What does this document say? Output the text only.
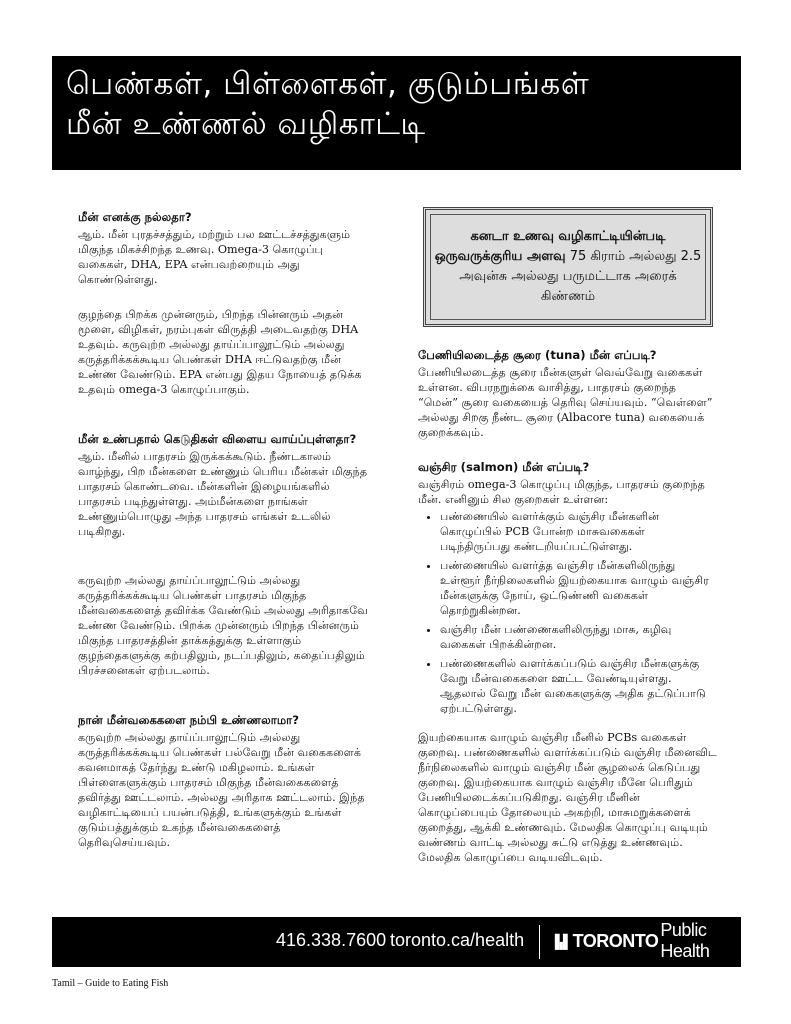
பெண்கள், பிள்ளைகள், குடும்பங்கள்
மீன் உண்ணல் வழிகாட்டி
மீன் எனக்கு நல்லதா?
ஆம். மீன் புரதச்சத்தும், மற்றும் பல ஊட்டச்சத்துகளும் மிகுந்த மிகச்சிறந்த உணவு. Omega-3 கொழுப்பு வகைகள், DHA, EPA என்பவற்றையும் அது கொண்டுள்ளது.
குழந்தை பிறக்க முன்னரும், பிறந்த பின்னரும் அதன் மூளை, விழிகள், நரம்புகள் விருத்தி அடைவதற்கு DHA உதவும். கருவுற்ற அல்லது தாய்ப்பாலூட்டும் அல்லது கருத்தரிக்கக்கூடிய பெண்கள் DHA ஈட்டுவதற்கு மீன் உண்ண வேண்டும். EPA என்பது இதய நோயைத் தடுக்க உதவும் omega-3 கொழுப்பாகும்.
மீன் உண்பதால் கெடுதிகள் விளைய வாய்ப்புள்ளதா?
ஆம். மீனில் பாதரசம் இருக்கக்கூடும். நீண்டகாலம் வாழ்ந்து, பிற மீன்களை உண்ணும் பெரிய மீன்கள் மிகுந்த பாதரசம் கொண்டவை. மீன்களின் இழையங்களில் பாதரசம் படிந்துள்ளது. அம்மீன்களை நாங்கள் உண்ணும்பொழுது அந்த பாதரசம் எங்கள் உடலில் படிகிறது.
கருவுற்ற அல்லது தாய்ப்பாலூட்டும் அல்லது கருத்தரிக்கக்கூடிய பெண்கள் பாதரசம் மிகுந்த மீன்வகைகளைத் தவிர்க்க வேண்டும் அல்லது அரிதாகவே உண்ண வேண்டும். பிறக்க முன்னரும் பிறந்த பின்னரும் மிகுந்த பாதரசத்தின் தாக்கத்துக்கு உள்ளாகும் குழந்தைகளுக்கு கற்பதிலும், நடப்பதிலும், கதைப்பதிலும் பிரச்சனைகள் ஏற்படலாம்.
நான் மீன்வகைகளை நம்பி உண்ணலாமா?
கருவுற்ற அல்லது தாய்ப்பாலூட்டும் அல்லது கருத்தரிக்கக்கூடிய பெண்கள் பல்வேறு மீன் வகைகளைக் கவனமாகத் தேர்ந்து உண்டு மகிழலாம். உங்கள் பிள்ளைகளுக்கும் பாதரசம் மிகுந்த மீன்வகைகளைத் தவிர்த்து ஊட்டலாம். அல்லது அரிதாக ஊட்டலாம். இந்த வழிகாட்டியைப் பயன்படுத்தி, உங்களுக்கும் உங்கள் குடும்பத்துக்கும் உகந்த மீன்வகைகளைத் தெரிவுசெய்யவும்.
கனடா உணவு வழிகாட்டியின்படி ஒருவருக்குரிய அளவு 75 கிராம் அல்லது 2.5 அவுன்சு அல்லது பருமட்டாக அரைக் கிண்ணம்
பேணியிலடைத்த சூரை (tuna) மீன் எப்படி?
பேணியிலடைத்த சூரை மீன்களுள் வெவ்வேறு வகைகள் உள்ளன. விபரநறுக்கை வாசித்து, பாதரசம் குறைந்த “மென்” சூரை வகையைத் தெரிவு செய்யவும். “வெள்ளை” அல்லது சிறகு நீண்ட சூரை (Albacore tuna) வகையைக் குறைக்கவும்.
வஞ்சிர (salmon) மீன் எப்படி?
வஞ்சிரம் omega-3 கொழுப்பு மிகுந்த, பாதரசம் குறைந்த மீன். எனினும் சில குறைகள் உள்ளன:
• பண்ணையில் வளர்க்கும் வஞ்சிர மீன்களின் கொழுப்பில் PCB போன்ற மாசுவகைகள் படிந்திருப்பது கண்டறியப்பட்டுள்ளது.
• பண்ணையில் வளர்த்த வஞ்சிர மீன்களிலிருந்து உள்ளூர் நீர்நிலைகளில் இயற்கையாக வாழும் வஞ்சிர மீன்களுக்கு நோய், ஒட்டுண்ணி வகைகள் தொற்றுகின்றன.
• வஞ்சிர மீன் பண்ணைகளிலிருந்து மாசு, கழிவு வகைகள் பிறக்கின்றன.
• பண்ணைகளில் வளர்க்கப்படும் வஞ்சிர மீன்களுக்கு வேறு மீன்வகைகளை ஊட்ட வேண்டியுள்ளது. ஆதலால் வேறு மீன் வகைகளுக்கு அதிக தட்டுப்பாடு ஏற்பட்டுள்ளது.
இயற்கையாக வாழும் வஞ்சிர மீனில் PCBs வகைகள் குறைவு. பண்ணைகளில் வளர்க்கப்படும் வஞ்சிர மீனைவிட நீர்நிலைகளில் வாழும் வஞ்சிர மீன் சூழலைக் கெடுப்பது குறைவு. இயற்கையாக வாழும் வஞ்சிர மீனே பெரிதும் பேணியிலடைக்கப்படுகிறது. வஞ்சிர மீனின் கொழுப்பையும் தோலையும் அகற்றி, மாசுமறுக்களைக் குறைத்து, ஆக்கி உண்ணவும். மேலதிக கொழுப்பு வடியும் வண்ணம் வாட்டி அல்லது சுட்டு எடுத்து உண்ணவும். மேலதிக கொழுப்பை வடியவிடவும்.
416.338.7600 toronto.ca/health	TORONTO
Public Health
Tamil – Guide to Eating Fish
